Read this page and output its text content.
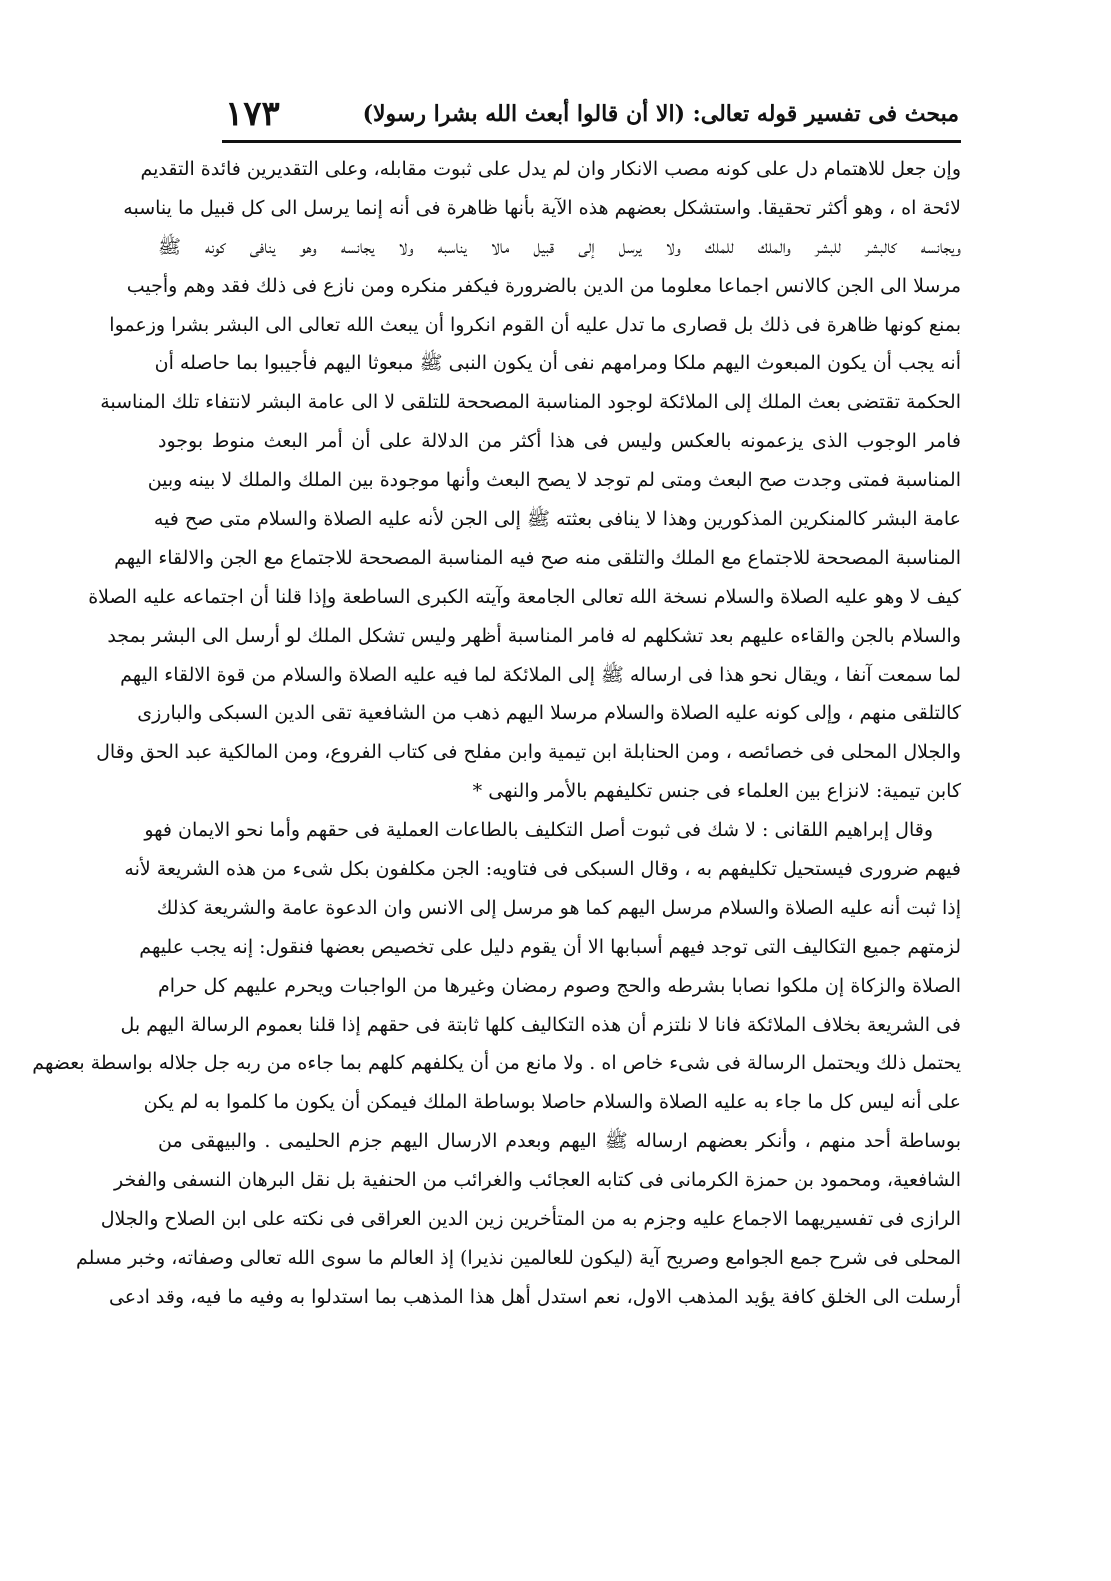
مبحث فی تفسیر قوله تعالی: (الا أن قالوا أبعث الله بشرا رسولا)
١٧٣
وإن جعل للاهتمام دل على كونه مصب الانكار وان لم يدل على ثبوت مقابله، وعلى التقديرين فائدة التقديم
لائحة اه ، وهو أكثر تحقيقا. واستشكل بعضهم هذه الآية بأنها ظاهرة فى أنه إنما يرسل الى كل قبيل ما يناسبه
ويجانسه كالبشر للبشر والملك للملك ولا يرسل إلى قبيل مالا يناسبه ولا يجانسه وهو ينافى كونه ﷺ
مرسلا الى الجن كالانس اجماعا معلوما من الدين بالضرورة فيكفر منكره ومن نازع فى ذلك فقد وهم وأجيب
بمنع كونها ظاهرة فى ذلك بل قصارى ما تدل عليه أن القوم انكروا أن يبعث الله تعالى الى البشر بشرا وزعموا
أنه يجب أن يكون المبعوث اليهم ملكا ومرامهم نفى أن يكون النبى ﷺ مبعوثا اليهم فأجيبوا بما حاصله أن
الحكمة تقتضى بعث الملك إلى الملائكة لوجود المناسبة المصححة للتلقى لا الى عامة البشر لانتفاء تلك المناسبة
فامر الوجوب الذى يزعمونه بالعكس وليس فى هذا أكثر من الدلالة على أن أمر البعث منوط بوجود
المناسبة فمتى وجدت صح البعث ومتى لم توجد لا يصح البعث وأنها موجودة بين الملك والملك لا بينه وبين
عامة البشر كالمنكرين المذكورين وهذا لا ينافى بعثته ﷺ إلى الجن لأنه عليه الصلاة والسلام متى صح فيه
المناسبة المصححة للاجتماع مع الملك والتلقى منه صح فيه المناسبة المصححة للاجتماع مع الجن والالقاء اليهم
كيف لا وهو عليه الصلاة والسلام نسخة الله تعالى الجامعة وآيته الكبرى الساطعة وإذا قلنا أن اجتماعه عليه الصلاة
والسلام بالجن والقاءه عليهم بعد تشكلهم له فامر المناسبة أظهر وليس تشكل الملك لو أرسل الى البشر بمجد
لما سمعت آنفا ، ويقال نحو هذا فى ارساله ﷺ إلى الملائكة لما فيه عليه الصلاة والسلام من قوة الالقاء اليهم
كالتلقى منهم ، وإلى كونه عليه الصلاة والسلام مرسلا اليهم ذهب من الشافعية تقى الدين السبكى والبارزى
والجلال المحلى فى خصائصه ، ومن الحنابلة ابن تيمية وابن مفلح فى كتاب الفروع، ومن المالكية عبد الحق وقال
كابن تيمية: لانزاع بين العلماء فى جنس تكليفهم بالأمر والنهى *
وقال إبراهيم اللقانى : لا شك فى ثبوت أصل التكليف بالطاعات العملية فى حقهم وأما نحو الايمان فهو
فيهم ضرورى فيستحيل تكليفهم به ، وقال السبكى فى فتاويه: الجن مكلفون بكل شىء من هذه الشريعة لأنه
إذا ثبت أنه عليه الصلاة والسلام مرسل اليهم كما هو مرسل إلى الانس وان الدعوة عامة والشريعة كذلك
لزمتهم جميع التكاليف التى توجد فيهم أسبابها الا أن يقوم دليل على تخصيص بعضها فنقول: إنه يجب عليهم
الصلاة والزكاة إن ملكوا نصابا بشرطه والحج وصوم رمضان وغيرها من الواجبات ويحرم عليهم كل حرام
فى الشريعة بخلاف الملائكة فانا لا نلتزم أن هذه التكاليف كلها ثابتة فى حقهم إذا قلنا بعموم الرسالة اليهم بل
يحتمل ذلك ويحتمل الرسالة فى شىء خاص اه . ولا مانع من أن يكلفهم كلهم بما جاءه من ربه جل جلاله بواسطة بعضهم
على أنه ليس كل ما جاء به عليه الصلاة والسلام حاصلا بوساطة الملك فيمكن أن يكون ما كلموا به لم يكن
بوساطة أحد منهم ، وأنكر بعضهم ارساله ﷺ اليهم وبعدم الارسال اليهم جزم الحليمى . والبيهقى من
الشافعية، ومحمود بن حمزة الكرمانى فى كتابه العجائب والغرائب من الحنفية بل نقل البرهان النسفى والفخر
الرازى فى تفسيريهما الاجماع عليه وجزم به من المتأخرين زين الدين العراقى فى نكته على ابن الصلاح والجلال
المحلى فى شرح جمع الجوامع وصريح آية (ليكون للعالمين نذيرا) إذ العالم ما سوى الله تعالى وصفاته، وخبر مسلم
أرسلت الى الخلق كافة يؤيد المذهب الاول، نعم استدل أهل هذا المذهب بما استدلوا به وفيه ما فيه، وقد ادعى
